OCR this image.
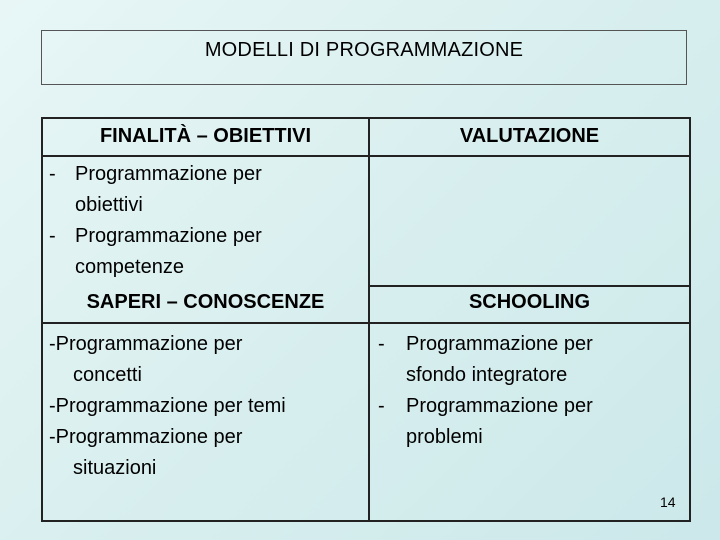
MODELLI DI PROGRAMMAZIONE
FINALITÀ – OBIETTIVI	VALUTAZIONE
- Programmazione per
obiettivi
- Programmazione per
competenze
SAPERI – CONOSCENZE	SCHOOLING
-Programmazione per
concetti
-Programmazione per temi
-Programmazione per
situazioni
- Programmazione per
sfondo integratore
- Programmazione per
problemi
14
